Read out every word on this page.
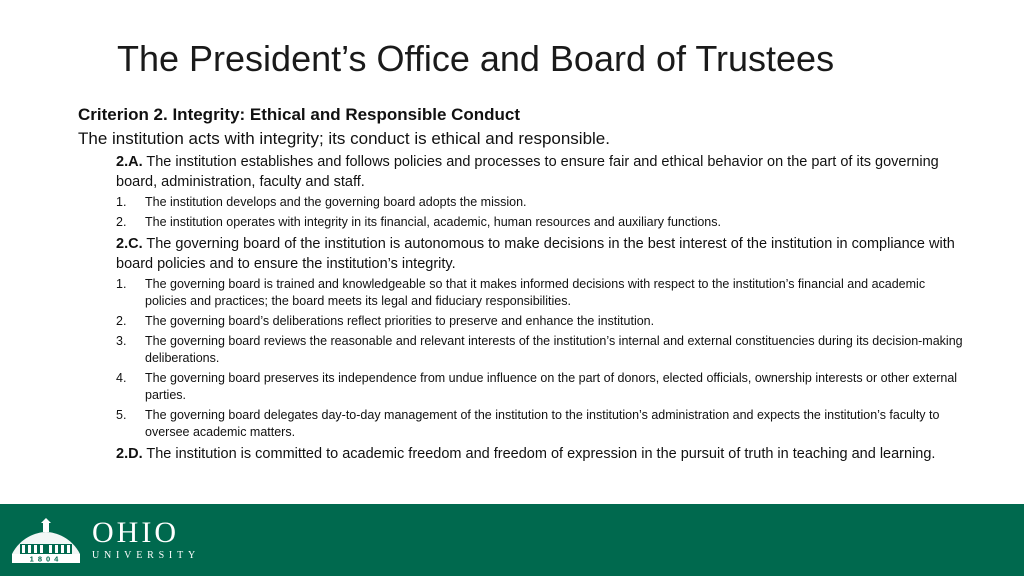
The President’s Office and Board of Trustees
Criterion 2. Integrity: Ethical and Responsible Conduct
The institution acts with integrity; its conduct is ethical and responsible.
2.A. The institution establishes and follows policies and processes to ensure fair and ethical behavior on the part of its governing board, administration, faculty and staff.
1. The institution develops and the governing board adopts the mission.
2. The institution operates with integrity in its financial, academic, human resources and auxiliary functions.
2.C. The governing board of the institution is autonomous to make decisions in the best interest of the institution in compliance with board policies and to ensure the institution’s integrity.
1. The governing board is trained and knowledgeable so that it makes informed decisions with respect to the institution’s financial and academic policies and practices; the board meets its legal and fiduciary responsibilities.
2. The governing board’s deliberations reflect priorities to preserve and enhance the institution.
3. The governing board reviews the reasonable and relevant interests of the institution’s internal and external constituencies during its decision-making deliberations.
4. The governing board preserves its independence from undue influence on the part of donors, elected officials, ownership interests or other external parties.
5. The governing board delegates day-to-day management of the institution to the institution’s administration and expects the institution’s faculty to oversee academic matters.
2.D. The institution is committed to academic freedom and freedom of expression in the pursuit of truth in teaching and learning.
1804
OHIO
UNIVERSITY
